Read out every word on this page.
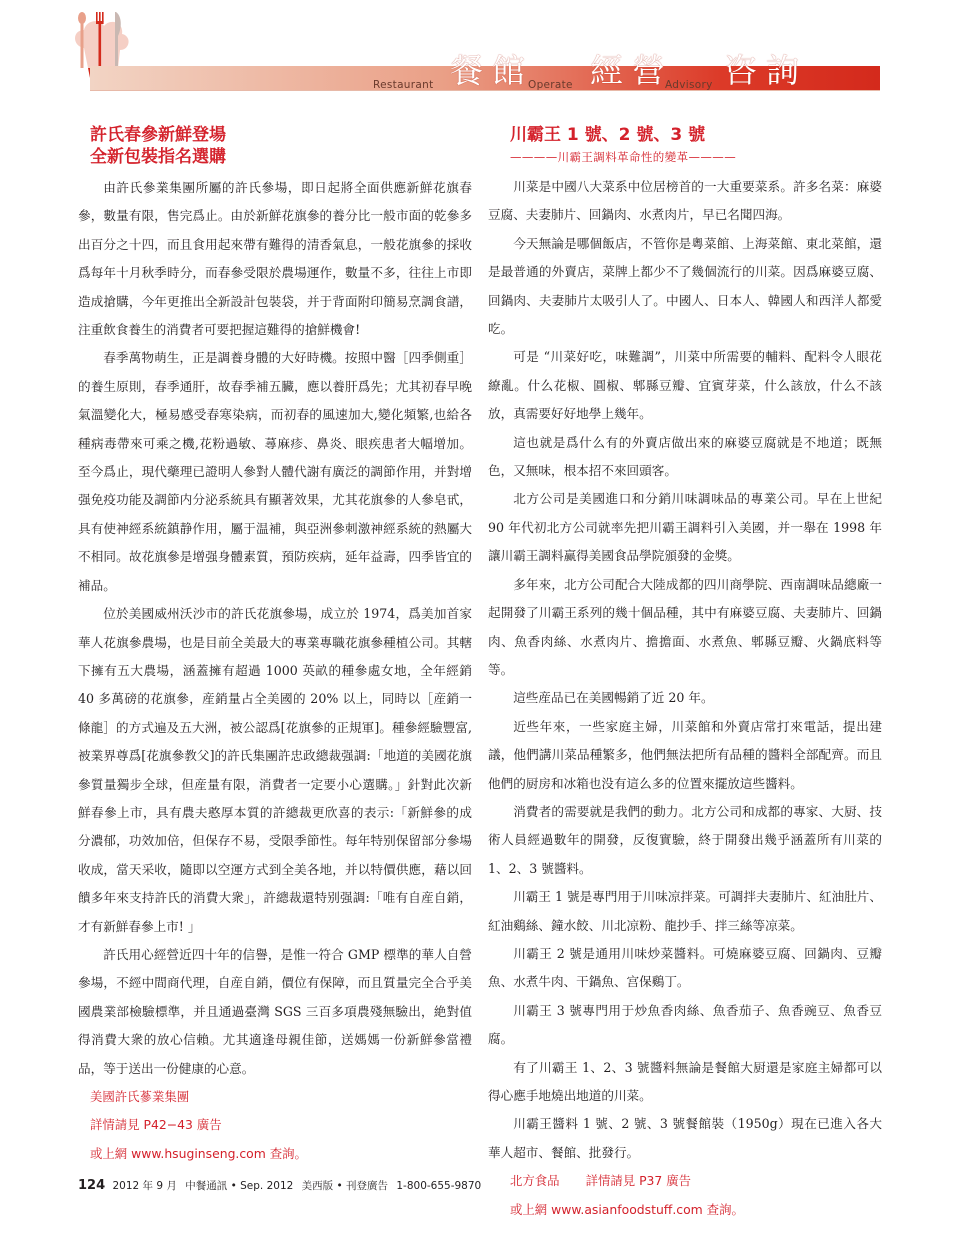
Restaurant 餐館
Operate 經營
Advisory 咨詢
許氏春參新鮮登場
全新包裝指名選購

由許氏參業集團所屬的許氏參場，即日起將全面供應新鮮花旗春參，數量有限，售完爲止。由於新鮮花旗參的養分比一般市面的乾參多出百分之十四，而且食用起來帶有難得的清香氣息，一般花旗參的採收爲每年十月秋季時分，而春參受限於農場運作，數量不多，往往上市即造成搶購，今年更推出全新設計包裝袋，并于背面附印簡易烹調食譜，注重飲食養生的消費者可要把握這難得的搶鮮機會!

春季萬物萌生，正是調養身體的大好時機。按照中醫［四季側重］的養生原則，春季通肝，故春季補五臟，應以養肝爲先；尤其初春早晚氣溫變化大，極易感受春寒染病，而初春的風速加大,變化頻繁,也給各種病毒帶來可乘之機,花粉過敏、蕁麻疹、鼻炎、眼疾患者大幅增加。至今爲止，現代藥理已證明人參對人體代謝有廣泛的調節作用，并對增强免疫功能及調節内分泌系統具有顯著效果，尤其花旗參的人參皂甙，具有使神經系統鎮静作用，屬于温補，與亞洲參刺激神經系統的熱屬大不相同。故花旗參是增强身體素質，預防疾病，延年益壽，四季皆宜的補品。

位於美國威州沃沙市的許氏花旗參場，成立於 1974，爲美加首家華人花旗參農場，也是目前全美最大的專業專職花旗參種植公司。其轄下擁有五大農場，涵蓋擁有超過 1000 英畝的種參處女地，全年經銷 40 多萬磅的花旗參，産銷量占全美國的 20% 以上，同時以［産銷一條龍］的方式遍及五大洲，被公認爲[花旗參的正規軍]。種參經驗豐富,被業界尊爲[花旗參教父]的許氏集團許忠政總裁强調:「地道的美國花旗參質量獨步全球，但産量有限，消費者一定要小心選購。」針對此次新鮮春參上市，具有農夫憨厚本質的許總裁更欣喜的表示:「新鮮參的成分濃郁，功效加倍，但保存不易，受限季節性。每年特别保留部分參場收成，當天采收，隨即以空運方式到全美各地，并以特價供應，藉以回饋多年來支持許氏的消費大衆」，許總裁還特别强調:「唯有自産自銷，才有新鮮春參上市! 」

許氏用心經營近四十年的信譽，是惟一符合 GMP 標準的華人自營參場，不經中間商代理，自産自銷，價位有保障，而且質量完全合乎美國農業部檢驗標準，并且通過臺灣 SGS 三百多項農殘無驗出，絶對值得消費大衆的放心信賴。尤其適逢母親佳節，送媽媽一份新鮮參當禮品，等于送出一份健康的心意。

美國許氏蔘業集團

詳情請見 P42−43 廣告

或上網 www.hsuginseng.com 查詢。

川霸王 1 號、2 號、3 號
————川霸王調料革命性的變革————

川菜是中國八大菜系中位居榜首的一大重要菜系。許多名菜：麻婆豆腐、夫妻肺片、回鍋肉、水煮肉片，早已名聞四海。

今天無論是哪個飯店，不管你是粵菜館、上海菜館、東北菜館，還是最普通的外賣店，菜牌上都少不了幾個流行的川菜。因爲麻婆豆腐、回鍋肉、夫妻肺片太吸引人了。中國人、日本人、韓國人和西洋人都愛吃。

可是 “川菜好吃，味難調”，川菜中所需要的輔料、配料令人眼花繚亂。什么花椒、圓椒、郫縣豆瓣、宜賓芽菜，什么該放，什么不該放，真需要好好地學上幾年。

這也就是爲什么有的外賣店做出來的麻婆豆腐就是不地道；既無色，又無味，根本招不來回頭客。

北方公司是美國進口和分銷川味調味品的專業公司。早在上世紀 90 年代初北方公司就率先把川霸王調料引入美國，并一舉在 1998 年讓川霸王調料赢得美國食品學院頒發的金獎。

多年來，北方公司配合大陸成都的四川商學院、西南調味品總廠一起開發了川霸王系列的幾十個品種，其中有麻婆豆腐、夫妻肺片、回鍋肉、魚香肉絲、水煮肉片、擔擔面、水煮魚、郫縣豆瓣、火鍋底料等等。

這些産品已在美國暢銷了近 20 年。

近些年來，一些家庭主婦，川菜館和外賣店常打來電話，提出建議，他們講川菜品種繁多，他們無法把所有品種的醬料全部配齊。而且他們的厨房和冰箱也没有這么多的位置來擺放這些醬料。

消費者的需要就是我們的動力。北方公司和成都的專家、大厨、技術人員經過數年的開發，反復實驗，終于開發出幾乎涵蓋所有川菜的 1、2、3 號醬料。

川霸王 1 號是專門用于川味凉拌菜。可調拌夫妻肺片、紅油肚片、紅油鷄絲、鐘水餃、川北凉粉、龍抄手、拌三絲等凉菜。

川霸王 2 號是通用川味炒菜醬料。可燒麻婆豆腐、回鍋肉、豆瓣魚、水煮牛肉、干鍋魚、宫保鷄丁。

川霸王 3 號專門用于炒魚香肉絲、魚香茄子、魚香豌豆、魚香豆腐。

有了川霸王 1、2、3 號醬料無論是餐館大厨還是家庭主婦都可以得心應手地燒出地道的川菜。

川霸王醬料 1 號、2 號、3 號餐館裝（1950g）現在已進入各大華人超市、餐館、批發行。

北方食品 詳情請見 P37 廣告

或上網 www.asianfoodstuff.com 查詢。

124 2012 年 9 月 中餐通訊 • Sep. 2012 美西版 • 刊登廣告 1-800-655-9870
